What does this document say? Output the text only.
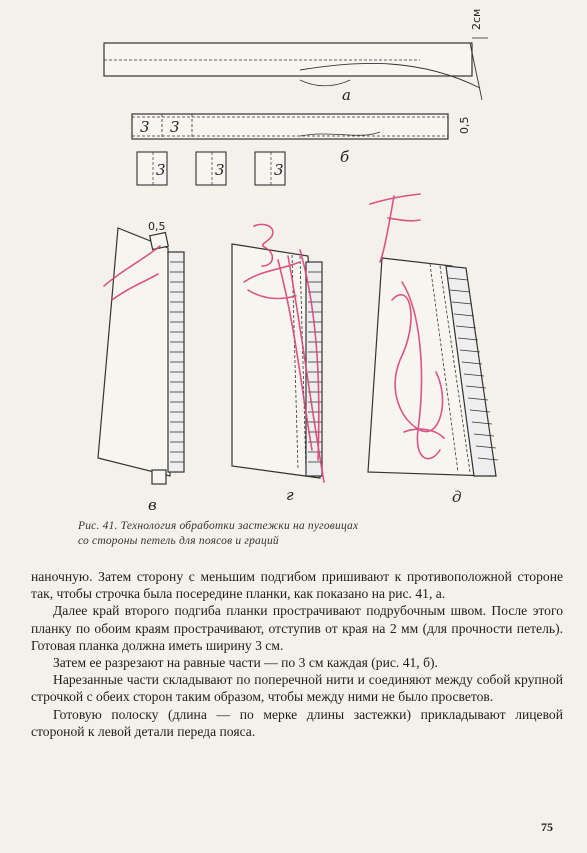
2см
а
3 3	0,5
б
3	3	3
0,5
в
г	д
Рис. 41. Технология обработки застежки на пуговицах
со стороны петель для поясов и граций

наночную. Затем сторону с меньшим подгибом пришивают к противоположной стороне так, чтобы строчка была посередине планки, как показано на рис. 41, а.

Далее край второго подгиба планки прострачивают подрубочным швом. После этого планку по обоим краям прострачивают, отступив от края на 2 мм (для прочности петель). Готовая планка должна иметь ширину 3 см.

Затем ее разрезают на равные части — по 3 см каждая (рис. 41, б).

Нарезанные части складывают по поперечной нити и соединяют между собой крупной строчкой с обеих сторон таким образом, чтобы между ними не было просветов.

Готовую полоску (длина — по мерке длины застежки) прикладывают лицевой стороной к левой детали переда пояса.

75
